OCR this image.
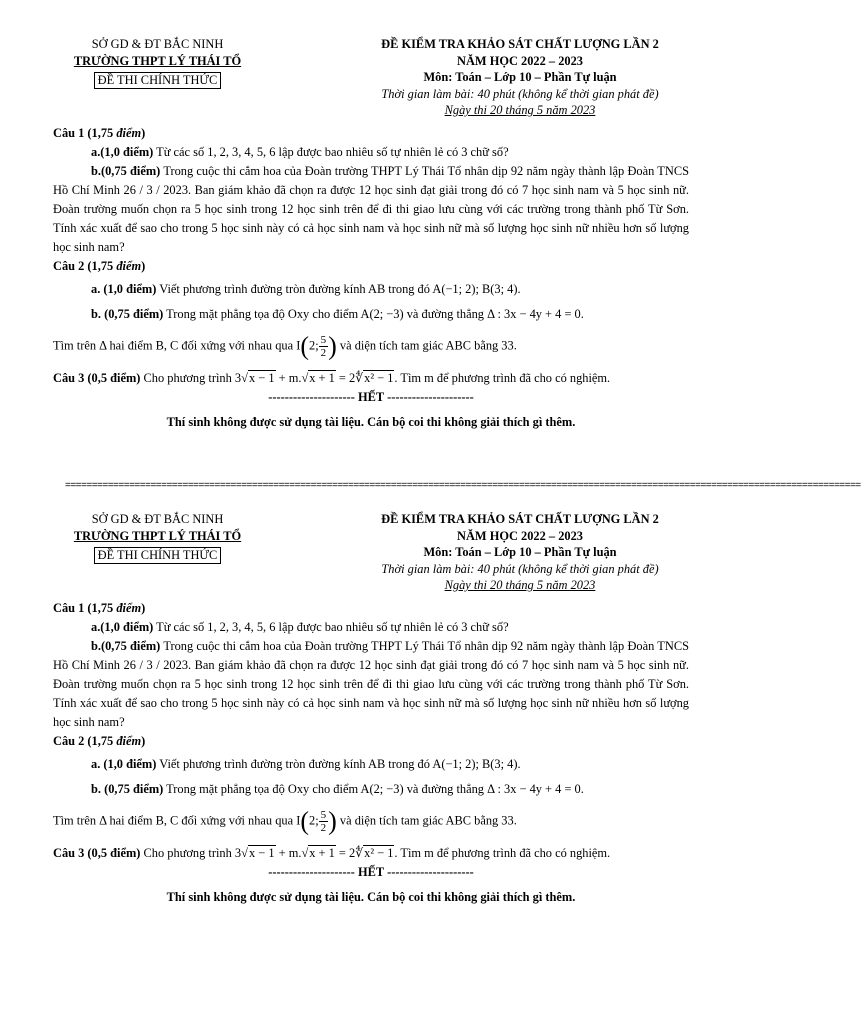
SỞ GD & ĐT BẮC NINH
TRƯỜNG THPT LÝ THÁI TỔ
ĐỀ THI CHÍNH THỨC
ĐỀ KIỂM TRA KHẢO SÁT CHẤT LƯỢNG LẦN 2
NĂM HỌC 2022 – 2023
Môn: Toán – Lớp 10 – Phần Tự luận
Thời gian làm bài: 40 phút (không kể thời gian phát đề)
Ngày thi 20 tháng 5 năm 2023
Câu 1 (1,75 điểm)
a.(1,0 điểm) Từ các số 1, 2, 3, 4, 5, 6 lập được bao nhiêu số tự nhiên lẻ có 3 chữ số?
b.(0,75 điểm) Trong cuộc thi cắm hoa của Đoàn trường THPT Lý Thái Tổ nhân dịp 92 năm ngày thành lập Đoàn TNCS Hồ Chí Minh 26 / 3 / 2023. Ban giám khảo đã chọn ra được 12 học sinh đạt giải trong đó có 7 học sinh nam và 5 học sinh nữ. Đoàn trường muốn chọn ra 5 học sinh trong 12 học sinh trên để đi thi giao lưu cùng với các trường trong thành phố Từ Sơn. Tính xác xuất để sao cho trong 5 học sinh này có cả học sinh nam và học sinh nữ mà số lượng học sinh nữ nhiều hơn số lượng học sinh nam?
Câu 2 (1,75 điểm)
a. (1,0 điểm) Viết phương trình đường tròn đường kính AB trong đó A(−1; 2); B(3; 4).
b. (0,75 điểm) Trong mặt phẳng tọa độ Oxy cho điểm A(2; −3) và đường thẳng Δ : 3x − 4y + 4 = 0.
Tìm trên Δ hai điểm B, C đối xứng với nhau qua I(2; $\frac{5}{2}$ ) và diện tích tam giác ABC bằng 33.
Câu 3 (0,5 điểm) Cho phương trình 3√x − 1 + m.√x + 1 = 2∜x² − 1. Tìm m để phương trình đã cho có nghiệm.
--------------------- HẾT ---------------------
Thí sinh không được sử dụng tài liệu. Cán bộ coi thi không giải thích gì thêm.
=====================================================================================================================================================
SỞ GD & ĐT BẮC NINH
TRƯỜNG THPT LÝ THÁI TỔ
ĐỀ THI CHÍNH THỨC
ĐỀ KIỂM TRA KHẢO SÁT CHẤT LƯỢNG LẦN 2
NĂM HỌC 2022 – 2023
Môn: Toán – Lớp 10 – Phần Tự luận
Thời gian làm bài: 40 phút (không kể thời gian phát đề)
Ngày thi 20 tháng 5 năm 2023
Câu 1 (1,75 điểm)
a.(1,0 điểm) Từ các số 1, 2, 3, 4, 5, 6 lập được bao nhiêu số tự nhiên lẻ có 3 chữ số?
b.(0,75 điểm) Trong cuộc thi cắm hoa của Đoàn trường THPT Lý Thái Tổ nhân dịp 92 năm ngày thành lập Đoàn TNCS Hồ Chí Minh 26 / 3 / 2023. Ban giám khảo đã chọn ra được 12 học sinh đạt giải trong đó có 7 học sinh nam và 5 học sinh nữ. Đoàn trường muốn chọn ra 5 học sinh trong 12 học sinh trên để đi thi giao lưu cùng với các trường trong thành phố Từ Sơn. Tính xác xuất để sao cho trong 5 học sinh này có cả học sinh nam và học sinh nữ mà số lượng học sinh nữ nhiều hơn số lượng học sinh nam?
Câu 2 (1,75 điểm)
a. (1,0 điểm) Viết phương trình đường tròn đường kính AB trong đó A(−1; 2); B(3; 4).
b. (0,75 điểm) Trong mặt phẳng tọa độ Oxy cho điểm A(2; −3) và đường thẳng Δ : 3x − 4y + 4 = 0.
Tìm trên Δ hai điểm B, C đối xứng với nhau qua I(2; $\frac{5}{2}$ ) và diện tích tam giác ABC bằng 33.
Câu 3 (0,5 điểm) Cho phương trình 3√x − 1 + m.√x + 1 = 2∜x² − 1. Tìm m để phương trình đã cho có nghiệm.
--------------------- HẾT ---------------------
Thí sinh không được sử dụng tài liệu. Cán bộ coi thi không giải thích gì thêm.
